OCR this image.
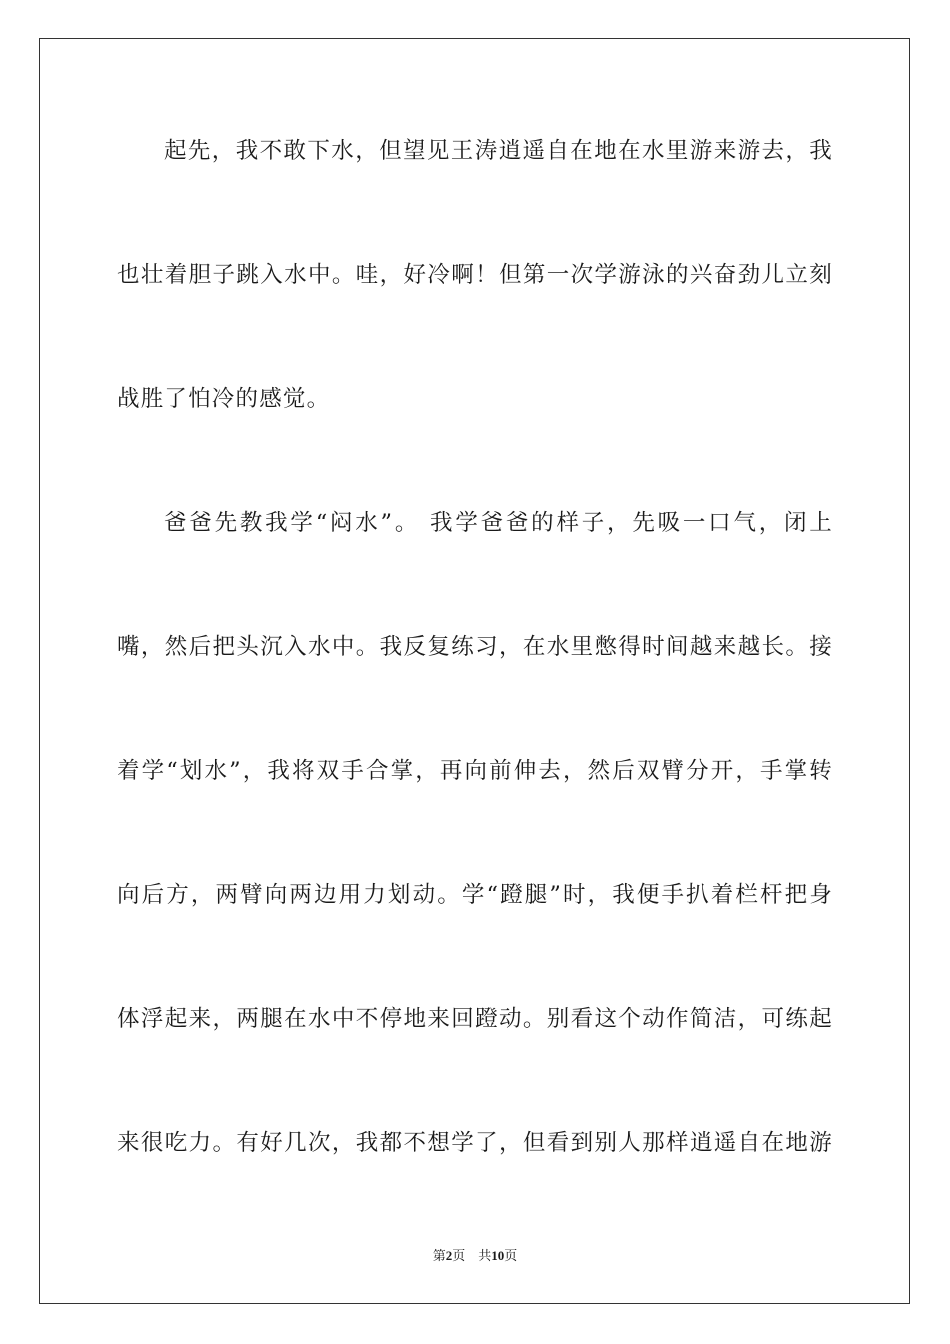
起先，我不敢下水，但望见王涛逍遥自在地在水里游来游去，我
也壮着胆子跳入水中。哇，好冷啊！但第一次学游泳的兴奋劲儿立刻
战胜了怕冷的感觉。
爸爸先教我学“闷水”。 我学爸爸的样子，先吸一口气，闭上
嘴，然后把头沉入水中。我反复练习，在水里憋得时间越来越长。接
着学“划水”，我将双手合掌，再向前伸去，然后双臂分开，手掌转
向后方，两臂向两边用力划动。学“蹬腿”时，我便手扒着栏杆把身
体浮起来，两腿在水中不停地来回蹬动。别看这个动作简洁，可练起
来很吃力。有好几次，我都不想学了，但看到别人那样逍遥自在地游
第2页 共10页
